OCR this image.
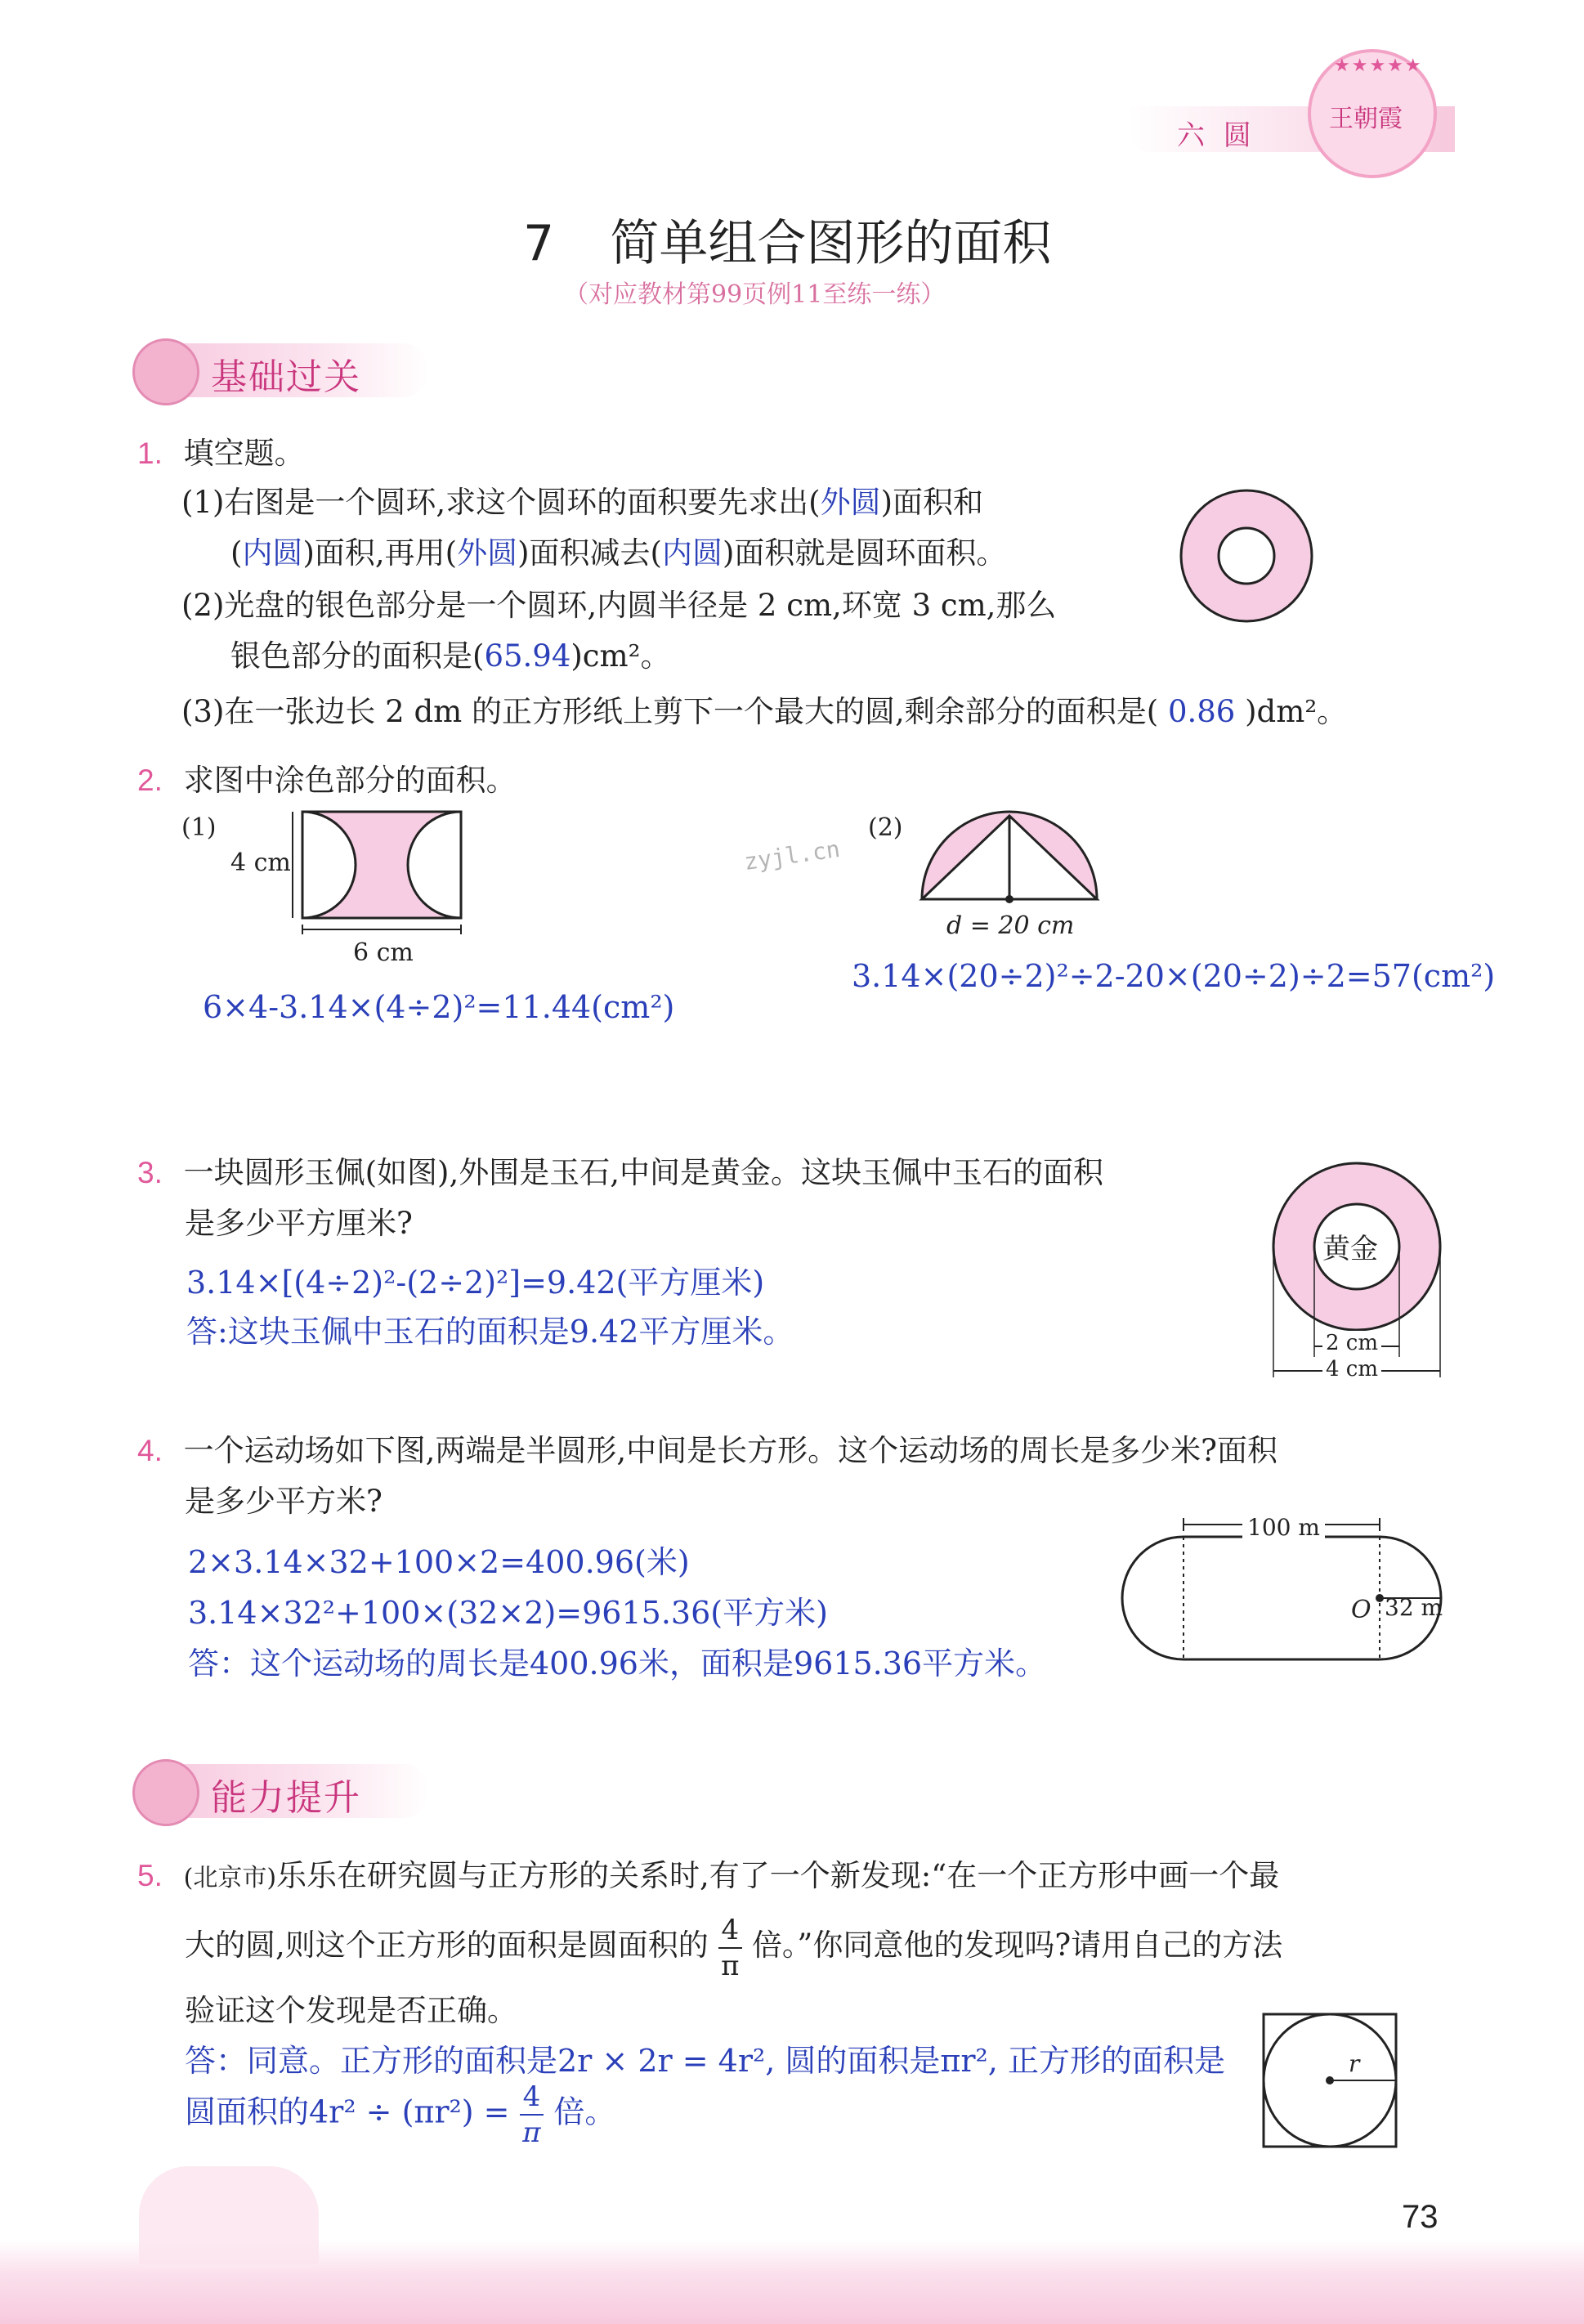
六 圆
★★★★★
王朝霞
7 简单组合图形的面积
（对应教材第99页例11至练一练）
基础过关
1. 填空题。
(1)右图是一个圆环,求这个圆环的面积要先求出(外圆)面积和
(内圆)面积,再用(外圆)面积减去(内圆)面积就是圆环面积。
(2)光盘的银色部分是一个圆环,内圆半径是 2 cm,环宽 3 cm,那么
银色部分的面积是(65.94)cm²。
(3)在一张边长 2 dm 的正方形纸上剪下一个最大的圆,剩余部分的面积是( 0.86 )dm²。
2. 求图中涂色部分的面积。
(1)
4 cm
6 cm
6×4-3.14×(4÷2)²=11.44(cm²)
zyjl.cn
(2)
d = 20 cm
3.14×(20÷2)²÷2-20×(20÷2)÷2=57(cm²)
3. 一块圆形玉佩(如图),外围是玉石,中间是黄金。这块玉佩中玉石的面积
是多少平方厘米?
3.14×[(4÷2)²-(2÷2)²]=9.42(平方厘米)
答:这块玉佩中玉石的面积是9.42平方厘米。
黄金
2 cm
4 cm
4. 一个运动场如下图,两端是半圆形,中间是长方形。这个运动场的周长是多少米?面积
是多少平方米?
2×3.14×32+100×2=400.96(米)
3.14×32²+100×(32×2)=9615.36(平方米)
答：这个运动场的周长是400.96米，面积是9615.36平方米。
100 m
O 32 m
能力提升
5. (北京市)乐乐在研究圆与正方形的关系时,有了一个新发现:“在一个正方形中画一个最
大的圆,则这个正方形的面积是圆面积的 $\frac{4}{\pi}$ 倍。”你同意他的发现吗?请用自己的方法
验证这个发现是否正确。
答：同意。正方形的面积是2r × 2r = 4r², 圆的面积是πr², 正方形的面积是
圆面积的$4r^2 \div (\pi r^2) = \frac{4}{\pi}$ 倍。
r
73
